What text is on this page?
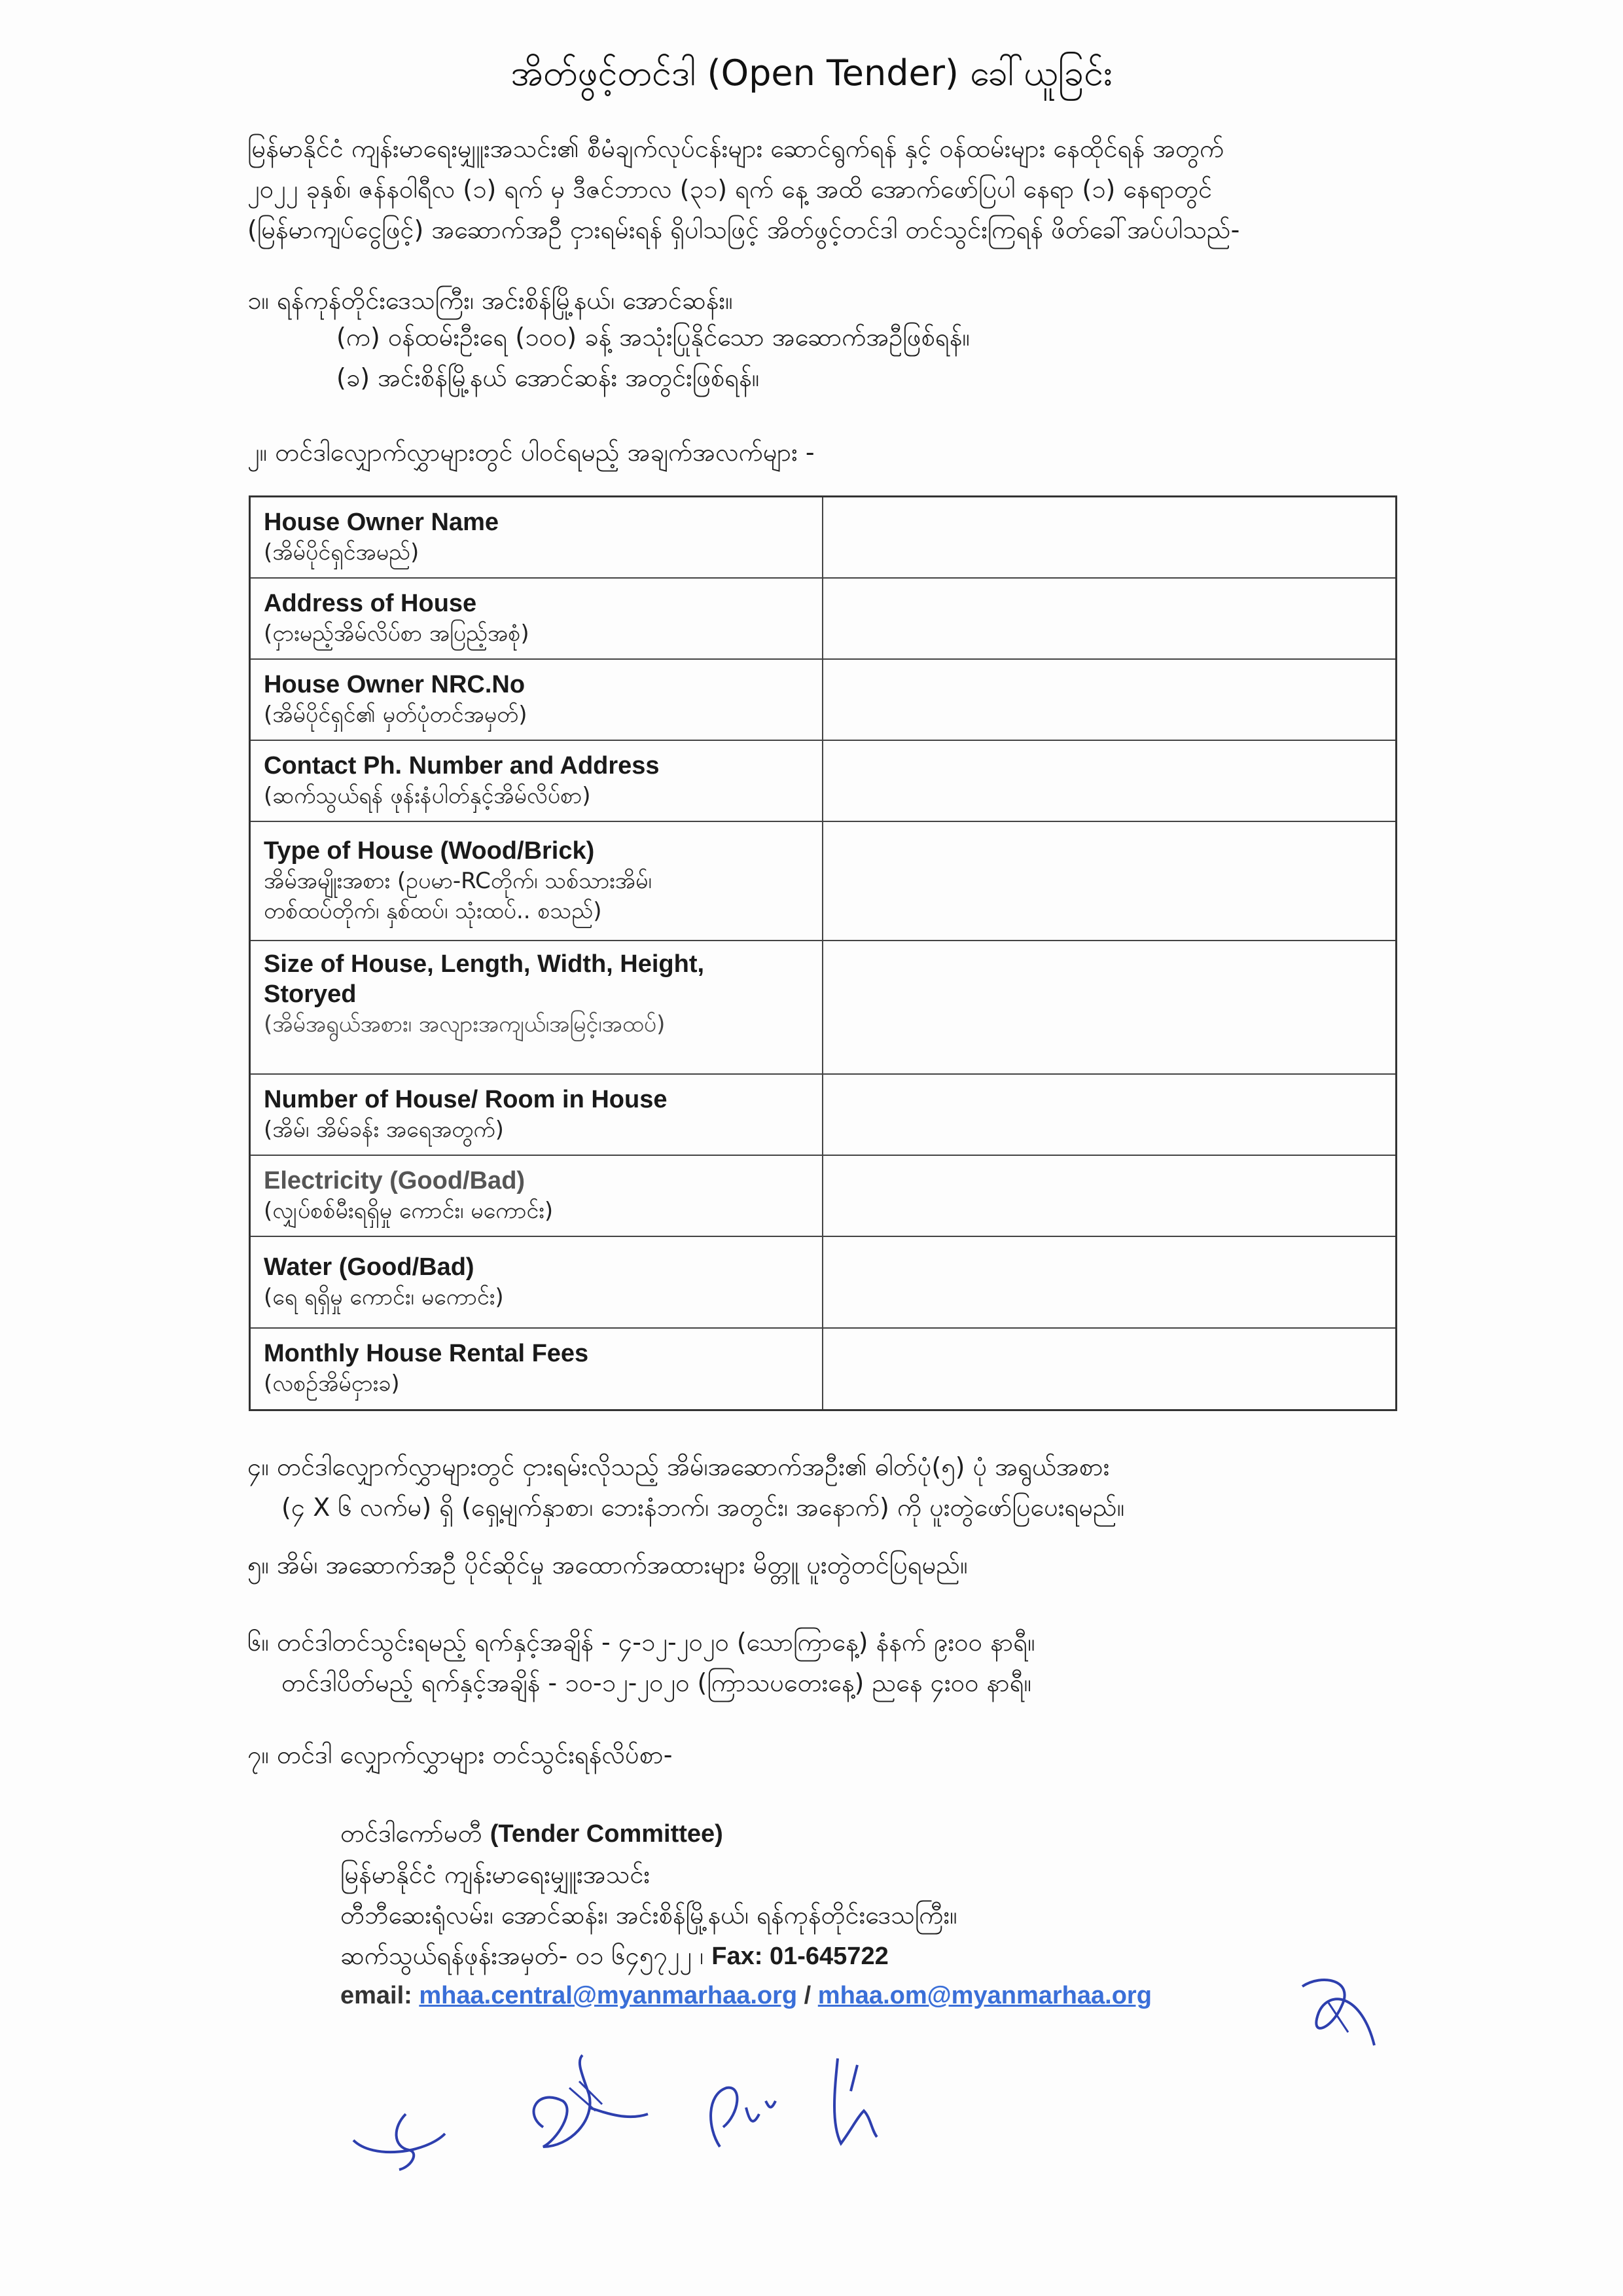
အိတ်ဖွင့်တင်ဒါ (Open Tender) ခေါ်ယူခြင်း
မြန်မာနိုင်ငံ ကျန်းမာရေးမျှူးအသင်း၏ စီမံချက်လုပ်ငန်းများ ဆောင်ရွက်ရန် နှင့် ဝန်ထမ်းများ နေထိုင်ရန် အတွက်
၂၀၂၂ ခုနှစ်၊ ဇန်နဝါရီလ (၁) ရက် မှ ဒီဇင်ဘာလ (၃၁) ရက် နေ့ အထိ အောက်ဖော်ပြပါ နေရာ (၁) နေရာတွင်
(မြန်မာကျပ်ငွေဖြင့်) အဆောက်အဦ ငှားရမ်းရန် ရှိပါသဖြင့် အိတ်ဖွင့်တင်ဒါ တင်သွင်းကြရန် ဖိတ်ခေါ်အပ်ပါသည်-
၁။ ရန်ကုန်တိုင်းဒေသကြီး၊ အင်းစိန်မြို့နယ်၊ အောင်ဆန်း။
(က) ဝန်ထမ်းဦးရေ (၁၀၀) ခန့် အသုံးပြုနိုင်သော အဆောက်အဦဖြစ်ရန်။
(ခ) အင်းစိန်မြို့နယ် အောင်ဆန်း အတွင်းဖြစ်ရန်။
၂။ တင်ဒါလျှောက်လွှာများတွင် ပါဝင်ရမည့် အချက်အလက်များ -
House Owner Name
(အိမ်ပိုင်ရှင်အမည်)	

Address of House
(ငှားမည့်အိမ်လိပ်စာ အပြည့်အစုံ)	

House Owner NRC.No
(အိမ်ပိုင်ရှင်၏ မှတ်ပုံတင်အမှတ်)	

Contact Ph. Number and Address
(ဆက်သွယ်ရန် ဖုန်းနံပါတ်နှင့်အိမ်လိပ်စာ)	

Type of House (Wood/Brick)
အိမ်အမျိုးအစား (ဥပမာ-RCတိုက်၊ သစ်သားအိမ်၊
တစ်ထပ်တိုက်၊ နှစ်ထပ်၊ သုံးထပ်.. စသည်)	

Size of House, Length, Width, Height, Storyed
(အိမ်အရွယ်အစား၊ အလျားအကျယ်၊အမြင့်၊အထပ်)	

Number of House/ Room in House
(အိမ်၊ အိမ်ခန်း အရေအတွက်)	

Electricity (Good/Bad)
(လျှပ်စစ်မီးရရှိမှု ကောင်း၊ မကောင်း)	

Water (Good/Bad)
(ရေ ရရှိမှု ကောင်း၊ မကောင်း)	

Monthly House Rental Fees
(လစဉ်အိမ်ငှားခ)	

၄။ တင်ဒါလျှောက်လွှာများတွင် ငှားရမ်းလိုသည့် အိမ်၊အဆောက်အဦး၏ ဓါတ်ပုံ(၅) ပုံ အရွယ်အစား
(၄ X ၆ လက်မ) ရှိ (ရှေ့မျက်နှာစာ၊ ဘေးနံဘက်၊ အတွင်း၊ အနောက်) ကို ပူးတွဲဖော်ပြပေးရမည်။
၅။ အိမ်၊ အဆောက်အဦ ပိုင်ဆိုင်မှု အထောက်အထားများ မိတ္တူ ပူးတွဲတင်ပြရမည်။
၆။ တင်ဒါတင်သွင်းရမည့် ရက်နှင့်အချိန် - ၄-၁၂-၂၀၂၀ (သောကြာနေ့) နံနက် ၉း၀၀ နာရီ။
တင်ဒါပိတ်မည့် ရက်နှင့်အချိန် - ၁၀-၁၂-၂၀၂၀ (ကြာသပတေးနေ့) ညနေ ၄း၀၀ နာရီ။
၇။ တင်ဒါ လျှောက်လွှာများ တင်သွင်းရန်လိပ်စာ-
တင်ဒါကော်မတီ (Tender Committee)
မြန်မာနိုင်ငံ ကျန်းမာရေးမျှူးအသင်း
တီဘီဆေးရုံလမ်း၊ အောင်ဆန်း၊ အင်းစိန်မြို့နယ်၊ ရန်ကုန်တိုင်းဒေသကြီး။
ဆက်သွယ်ရန်ဖုန်းအမှတ်- ၀၁ ၆၄၅၇၂၂ ၊ Fax: 01-645722
email: mhaa.central@myanmarhaa.org / mhaa.om@myanmarhaa.org
